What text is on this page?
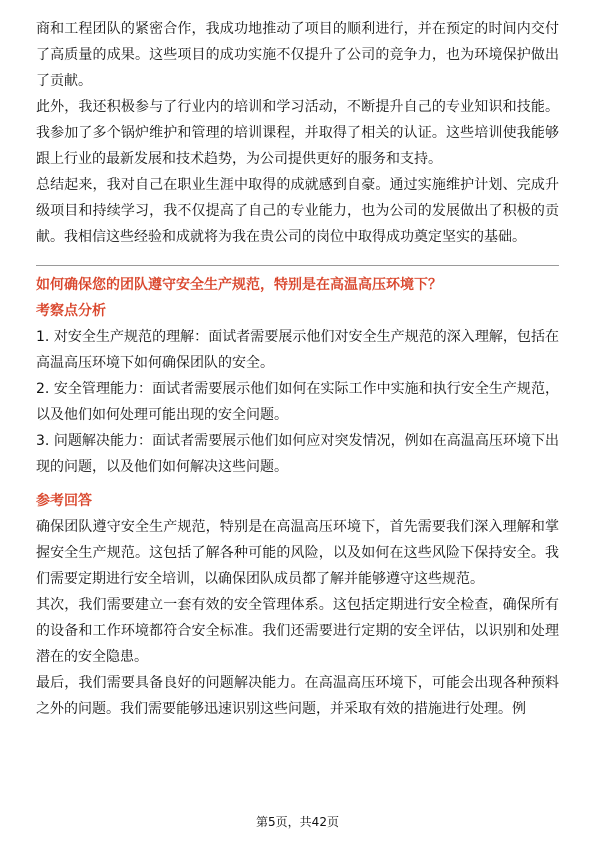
商和工程团队的紧密合作，我成功地推动了项目的顺利进行，并在预定的时间内交付了高质量的成果。这些项目的成功实施不仅提升了公司的竞争力，也为环境保护做出了贡献。

此外，我还积极参与了行业内的培训和学习活动，不断提升自己的专业知识和技能。我参加了多个锅炉维护和管理的培训课程，并取得了相关的认证。这些培训使我能够跟上行业的最新发展和技术趋势，为公司提供更好的服务和支持。

总结起来，我对自己在职业生涯中取得的成就感到自豪。通过实施维护计划、完成升级项目和持续学习，我不仅提高了自己的专业能力，也为公司的发展做出了积极的贡献。我相信这些经验和成就将为我在贵公司的岗位中取得成功奠定坚实的基础。

如何确保您的团队遵守安全生产规范，特别是在高温高压环境下？

考察点分析

1. 对安全生产规范的理解：面试者需要展示他们对安全生产规范的深入理解，包括在高温高压环境下如何确保团队的安全。

2. 安全管理能力：面试者需要展示他们如何在实际工作中实施和执行安全生产规范，以及他们如何处理可能出现的安全问题。

3. 问题解决能力：面试者需要展示他们如何应对突发情况，例如在高温高压环境下出现的问题，以及他们如何解决这些问题。

参考回答

确保团队遵守安全生产规范，特别是在高温高压环境下，首先需要我们深入理解和掌握安全生产规范。这包括了解各种可能的风险，以及如何在这些风险下保持安全。我们需要定期进行安全培训，以确保团队成员都了解并能够遵守这些规范。

其次，我们需要建立一套有效的安全管理体系。这包括定期进行安全检查，确保所有的设备和工作环境都符合安全标准。我们还需要进行定期的安全评估，以识别和处理潜在的安全隐患。

最后，我们需要具备良好的问题解决能力。在高温高压环境下，可能会出现各种预料之外的问题。我们需要能够迅速识别这些问题，并采取有效的措施进行处理。例

第5页，共42页
